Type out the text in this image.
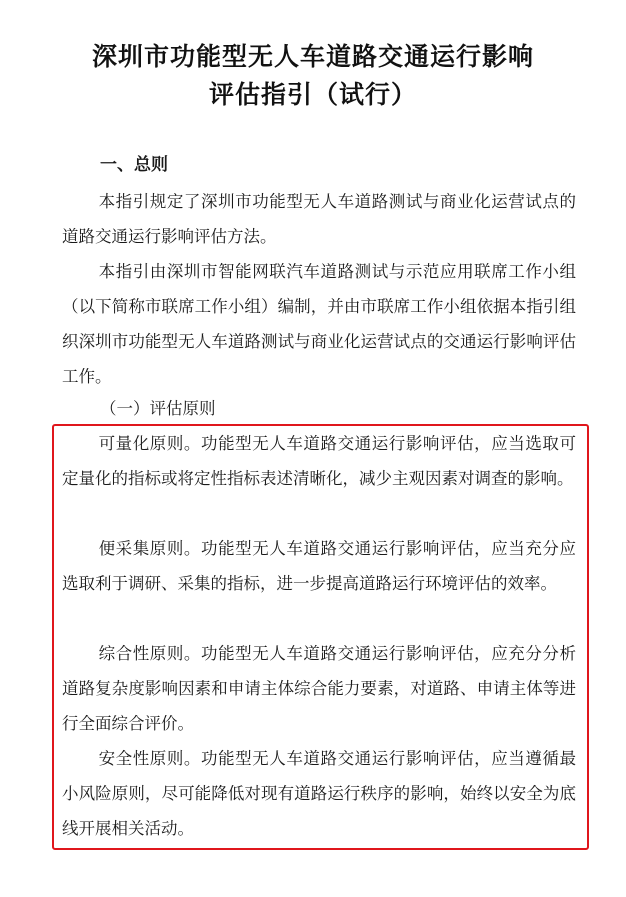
深圳市功能型无人车道路交通运行影响
评估指引（试行）
一、总则
本指引规定了深圳市功能型无人车道路测试与商业化运营试点的道路交通运行影响评估方法。
本指引由深圳市智能网联汽车道路测试与示范应用联席工作小组（以下简称市联席工作小组）编制，并由市联席工作小组依据本指引组织深圳市功能型无人车道路测试与商业化运营试点的交通运行影响评估工作。
（一）评估原则
可量化原则。功能型无人车道路交通运行影响评估，应当选取可定量化的指标或将定性指标表述清晰化，减少主观因素对调查的影响。
便采集原则。功能型无人车道路交通运行影响评估，应当充分应选取利于调研、采集的指标，进一步提高道路运行环境评估的效率。
综合性原则。功能型无人车道路交通运行影响评估，应充分分析道路复杂度影响因素和申请主体综合能力要素，对道路、申请主体等进行全面综合评价。
安全性原则。功能型无人车道路交通运行影响评估，应当遵循最小风险原则，尽可能降低对现有道路运行秩序的影响，始终以安全为底线开展相关活动。
